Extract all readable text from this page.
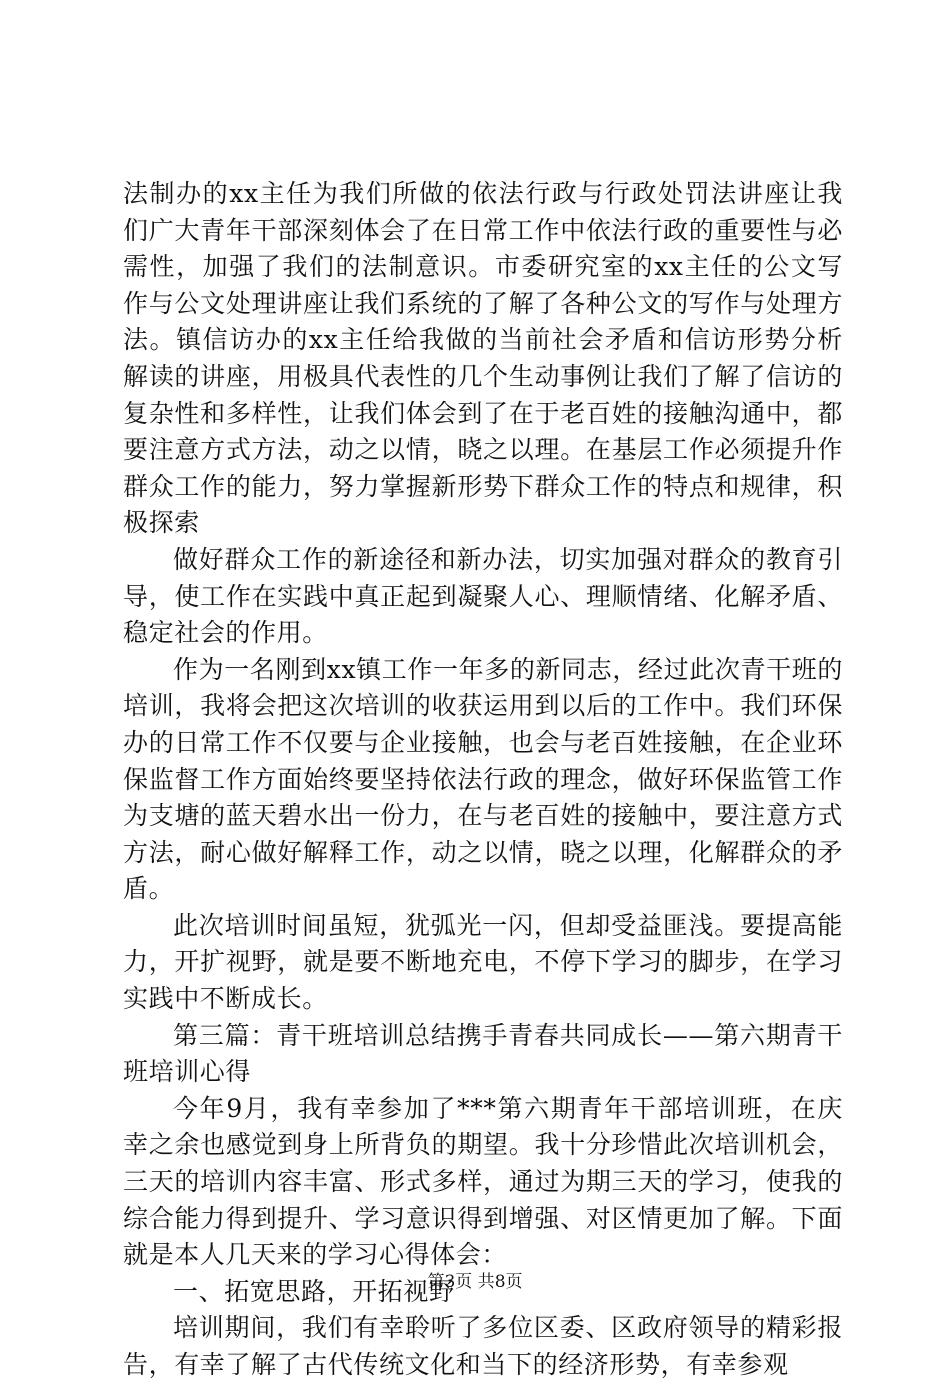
法制办的xx主任为我们所做的依法行政与行政处罚法讲座让我们广大青年干部深刻体会了在日常工作中依法行政的重要性与必需性，加强了我们的法制意识。市委研究室的xx主任的公文写作与公文处理讲座让我们系统的了解了各种公文的写作与处理方法。镇信访办的xx主任给我做的当前社会矛盾和信访形势分析解读的讲座，用极具代表性的几个生动事例让我们了解了信访的复杂性和多样性，让我们体会到了在于老百姓的接触沟通中，都要注意方式方法，动之以情，晓之以理。在基层工作必须提升作群众工作的能力，努力掌握新形势下群众工作的特点和规律，积极探索

做好群众工作的新途径和新办法，切实加强对群众的教育引导，使工作在实践中真正起到凝聚人心、理顺情绪、化解矛盾、稳定社会的作用。

作为一名刚到xx镇工作一年多的新同志，经过此次青干班的培训，我将会把这次培训的收获运用到以后的工作中。我们环保办的日常工作不仅要与企业接触，也会与老百姓接触，在企业环保监督工作方面始终要坚持依法行政的理念，做好环保监管工作为支塘的蓝天碧水出一份力，在与老百姓的接触中，要注意方式方法，耐心做好解释工作，动之以情，晓之以理，化解群众的矛盾。

此次培训时间虽短，犹弧光一闪，但却受益匪浅。要提高能力，开扩视野，就是要不断地充电，不停下学习的脚步，在学习实践中不断成长。

第三篇：青干班培训总结携手青春共同成长——第六期青干班培训心得

今年9月，我有幸参加了***第六期青年干部培训班，在庆幸之余也感觉到身上所背负的期望。我十分珍惜此次培训机会，三天的培训内容丰富、形式多样，通过为期三天的学习，使我的综合能力得到提升、学习意识得到增强、对区情更加了解。下面就是本人几天来的学习心得体会：

一、拓宽思路，开拓视野

培训期间，我们有幸聆听了多位区委、区政府领导的精彩报告，有幸了解了古代传统文化和当下的经济形势，有幸参观

第3页 共8页
